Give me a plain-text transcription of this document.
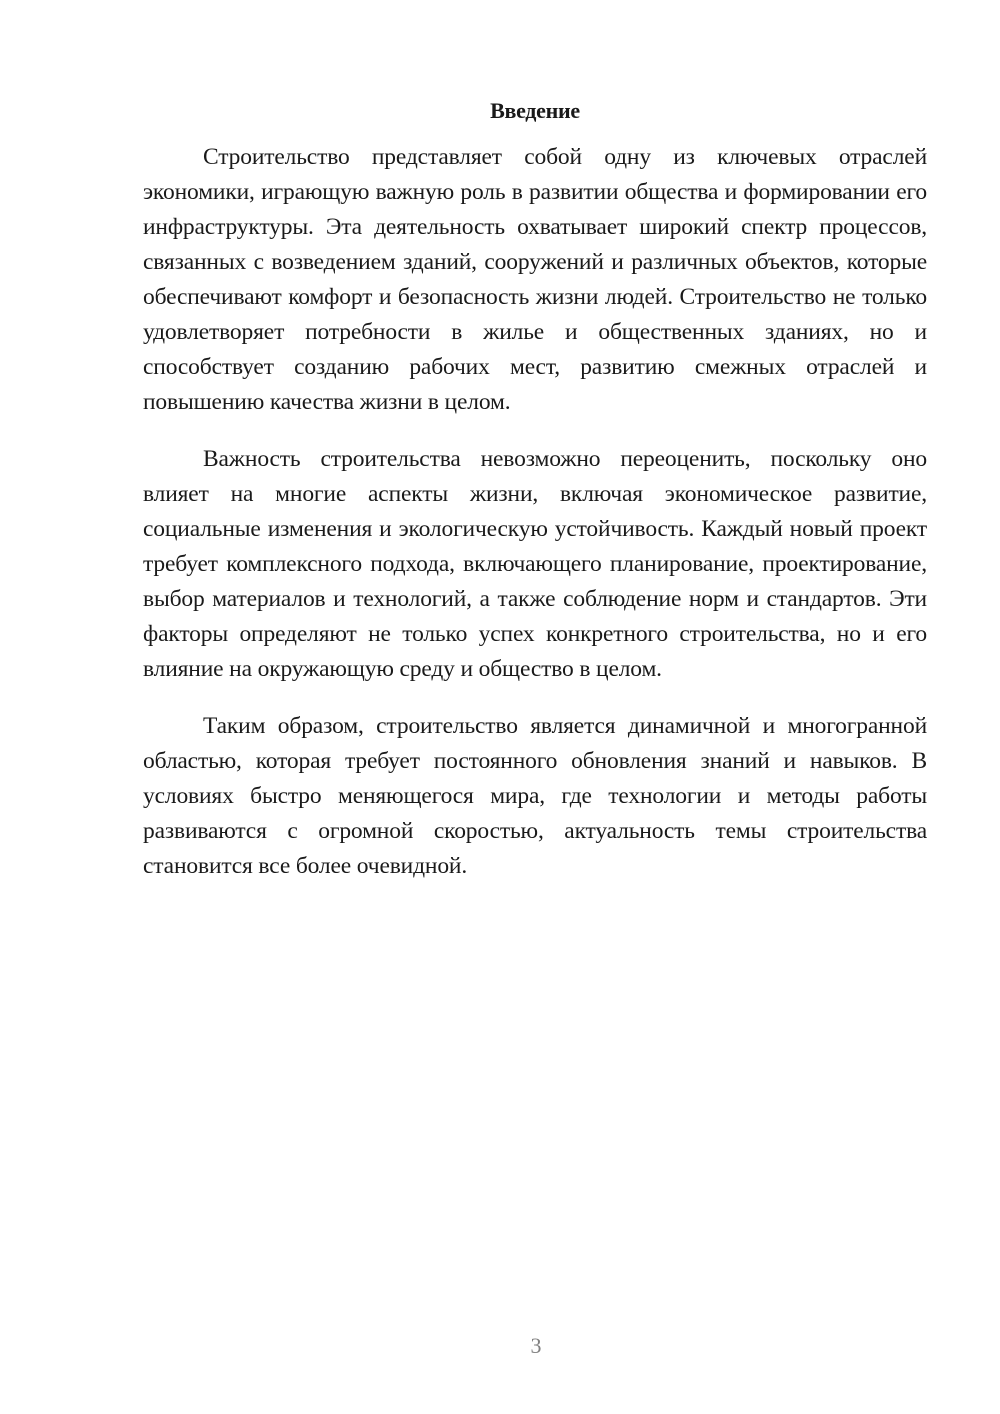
Введение

Строительство представляет собой одну из ключевых отраслей экономики, играющую важную роль в развитии общества и формировании его инфраструктуры. Эта деятельность охватывает широкий спектр процессов, связанных с возведением зданий, сооружений и различных объектов, которые обеспечивают комфорт и безопасность жизни людей. Строительство не только удовлетворяет потребности в жилье и общественных зданиях, но и способствует созданию рабочих мест, развитию смежных отраслей и повышению качества жизни в целом.

Важность строительства невозможно переоценить, поскольку оно влияет на многие аспекты жизни, включая экономическое развитие, социальные изменения и экологическую устойчивость. Каждый новый проект требует комплексного подхода, включающего планирование, проектирование, выбор материалов и технологий, а также соблюдение норм и стандартов. Эти факторы определяют не только успех конкретного строительства, но и его влияние на окружающую среду и общество в целом.

Таким образом, строительство является динамичной и многогранной областью, которая требует постоянного обновления знаний и навыков. В условиях быстро меняющегося мира, где технологии и методы работы развиваются с огромной скоростью, актуальность темы строительства становится все более очевидной.

3
